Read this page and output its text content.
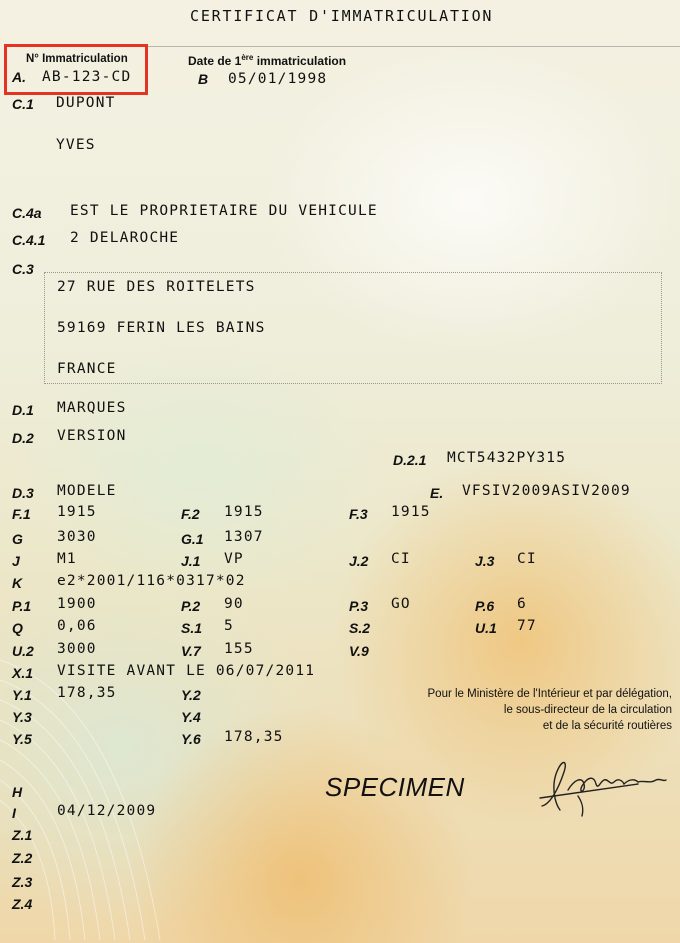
CERTIFICAT D'IMMATRICULATION
N° Immatriculation	Date de 1ère immatriculation
A. AB-123-CD	B 05/01/1998
C.1 DUPONT
YVES
C.4a EST LE PROPRIETAIRE DU VEHICULE
C.4.1 2 DELAROCHE
C.3
27 RUE DES ROITELETS
59169 FERIN LES BAINS
FRANCE
D.1 MARQUES
D.2 VERSION
D.2.1 MCT5432PY315
D.3 MODELE	E. VFSIV2009ASIV2009
F.1 1915	F.2 1915	F.3 1915
G 3030	G.1 1307
J	M1	J.1 VP	J.2 CI	J.3 CI
K e2*2001/116*0317*02
P.1 1900	P.2 90	P.3 GO	P.6 6
Q 0,06	S.1 5	S.2	U.1 77
U.2 3000	V.7 155	V.9
X.1 VISITE AVANT LE 06/07/2011
Y.1 178,35	Y.2
Y.3	Y.4
Y.5	Y.6 178,35
Pour le Ministère de l'Intérieur et par délégation,
le sous-directeur de la circulation
et de la sécurité routières
SPECIMEN
H
I	04/12/2009
Z.1
Z.2
Z.3
Z.4
